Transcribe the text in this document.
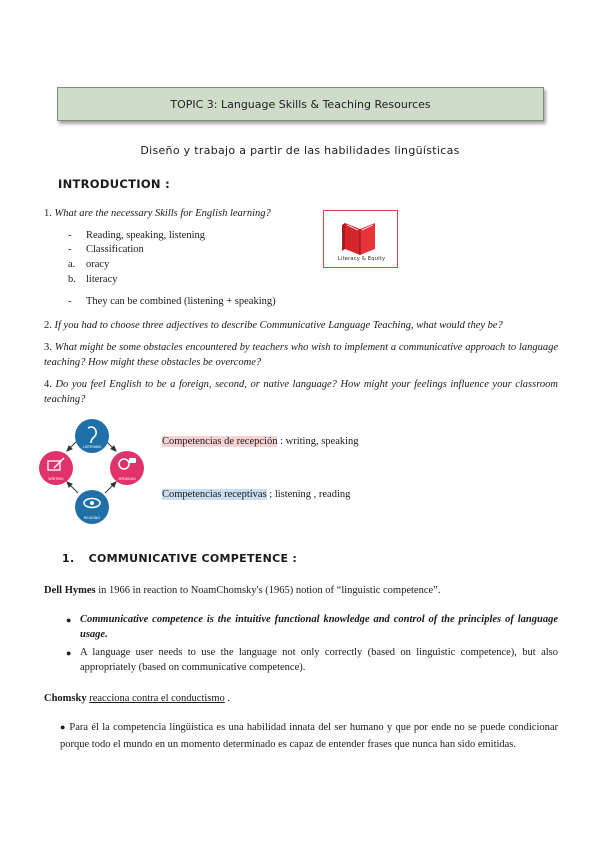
TOPIC 3: Language Skills & Teaching Resources
Diseño y trabajo a partir de las habilidades lingüísticas
INTRODUCTION :
1. What are the necessary Skills for English learning?
- Reading, speaking, listening
- Classification
a. oracy
b. literacy
- They can be combined (listening + speaking)
Literacy & Equity
2. If you had to choose three adjectives to describe Communicative Language Teaching, what would they be?
3. What might be some obstacles encountered by teachers who wish to implement a communicative approach to language teaching? How might these obstacles be overcome?
4. Do you feel English to be a foreign, second, or native language? How might your feelings influence your classroom teaching?
LISTENING
SPEAKING
READING
WRITING
Competencias de recepción : writing, speaking
Competencias receptivas ; listening , reading
1. COMMUNICATIVE COMPETENCE :
Dell Hymes in 1966 in reaction to NoamChomsky's (1965) notion of “linguistic competence”.
● Communicative competence is the intuitive functional knowledge and control of the principles of language usage.
● A language user needs to use the language not only correctly (based on linguistic competence), but also appropriately (based on communicative competence).
Chomsky reacciona contra el conductismo .
● Para él la competencia lingüística es una habilidad innata del ser humano y que por ende no se puede condicionar porque todo el mundo en un momento determinado es capaz de entender frases que nunca han sido emitidas.
